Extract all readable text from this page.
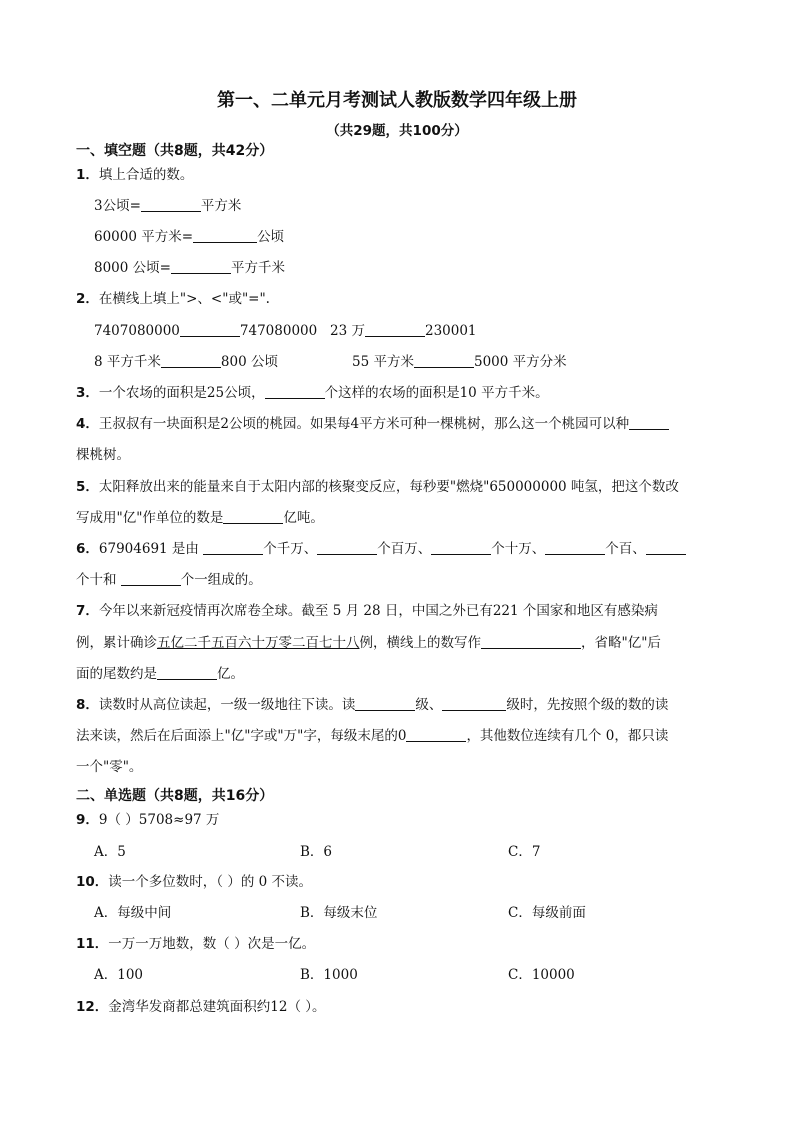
第一、二单元月考测试人教版数学四年级上册
（共29题，共100分）
一、填空题（共8题，共42分）
1．填上合适的数。
3公顷=	平方米
60000 平方米=	公顷
8000 公顷=	平方千米
2．在横线上填上">、<"或"=".
7407080000	747080000 23 万	230001
8 平方千米	800 公顷	55 平方米	5000 平方分米
3．一个农场的面积是25公顷，	个这样的农场的面积是10 平方千米。
4．王叔叔有一块面积是2公顷的桃园。如果每4平方米可种一棵桃树，那么这一个桃园可以种
棵桃树。
5．太阳释放出来的能量来自于太阳内部的核聚变反应，每秒要"燃烧"650000000 吨氢，把这个数改
写成用"亿"作单位的数是	亿吨。
6．67904691 是由	个千万、	个百万、	个十万、	个百、
个十和	个一组成的。
7．今年以来新冠疫情再次席卷全球。截至 5 月 28 日，中国之外已有221 个国家和地区有感染病
例，累计确诊五亿二千五百六十万零二百七十八例，横线上的数写作	，省略"亿"后
面的尾数约是	亿。
8．读数时从高位读起，一级一级地往下读。读	级、	级时，先按照个级的数的读
法来读，然后在后面添上"亿"字或"万"字，每级末尾的0	，其他数位连续有几个 0，都只读
一个"零"。
二、单选题（共8题，共16分）
9．9（ ）5708≈97 万
A．5	B．6	C．7
10．读一个多位数时，（ ）的 0 不读。
A．每级中间	B．每级末位	C．每级前面
11．一万一万地数，数（ ）次是一亿。
A．100	B．1000	C．10000
12．金湾华发商都总建筑面积约12（ ）。
